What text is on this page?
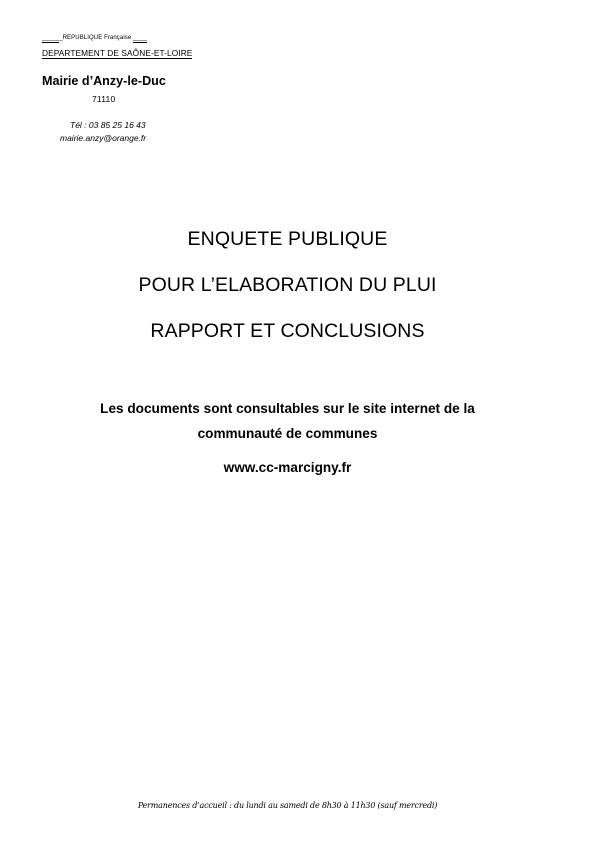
______REPUBLIQUE Française ____
DEPARTEMENT DE SAÔNE-ET-LOIRE
Mairie d’Anzy-le-Duc
71110
Tél : 03 85 25 16 43
mairie.anzy@orange.fr
ENQUETE PUBLIQUE
POUR L’ELABORATION DU PLUI
RAPPORT ET CONCLUSIONS
Les documents sont consultables sur le site internet de la
communauté de communes
www.cc-marcigny.fr
Permanences d’accueil : du lundi au samedi de 8h30 à 11h30 (sauf mercredi)
